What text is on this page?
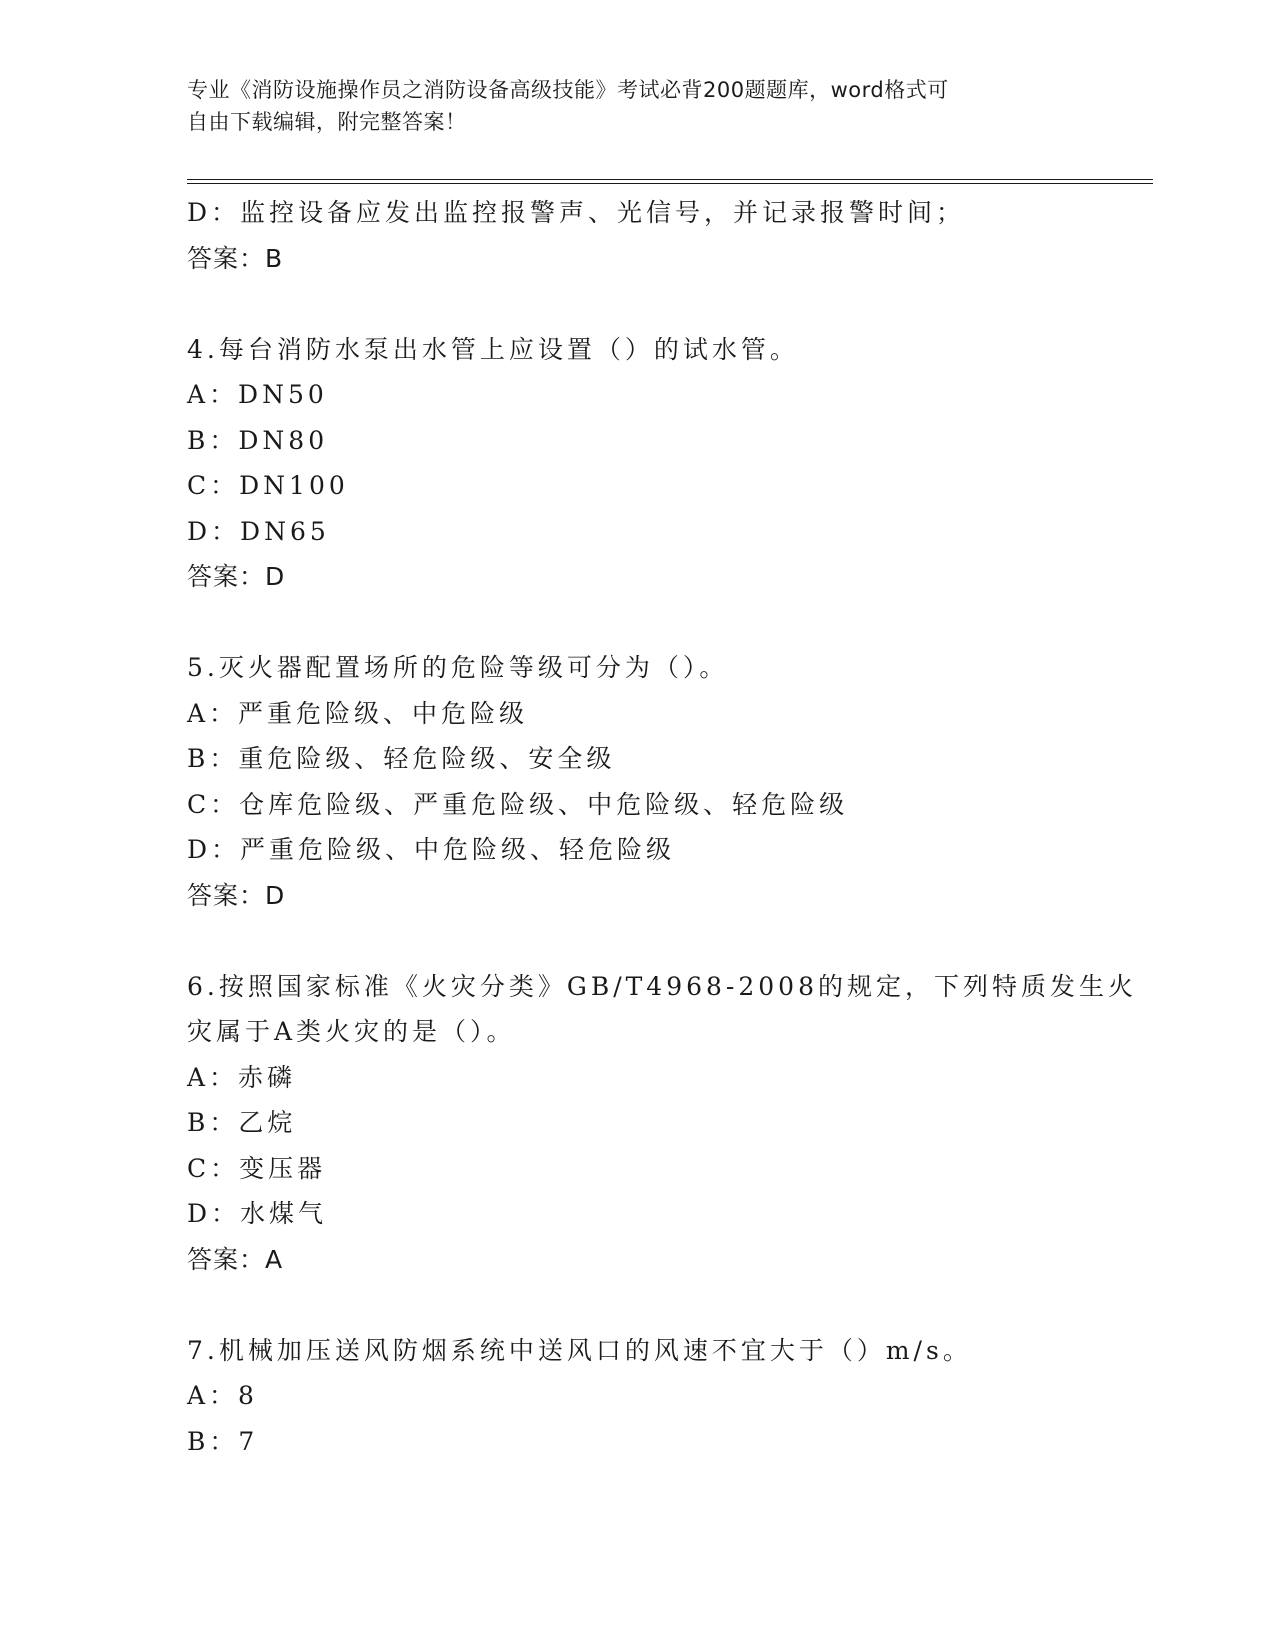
专业《消防设施操作员之消防设备高级技能》考试必背200题题库，word格式可
自由下载编辑，附完整答案！
D：监控设备应发出监控报警声、光信号，并记录报警时间；
答案：B
4.每台消防水泵出水管上应设置（）的试水管。
A：DN50
B：DN80
C：DN100
D：DN65
答案：D
5.灭火器配置场所的危险等级可分为（）。
A：严重危险级、中危险级
B：重危险级、轻危险级、安全级
C：仓库危险级、严重危险级、中危险级、轻危险级
D：严重危险级、中危险级、轻危险级
答案：D
6.按照国家标准《火灾分类》GB/T4968-2008的规定，下列特质发生火
灾属于A类火灾的是（）。
A：赤磷
B：乙烷
C：变压器
D：水煤气
答案：A
7.机械加压送风防烟系统中送风口的风速不宜大于（）m/s。
A：8
B：7
